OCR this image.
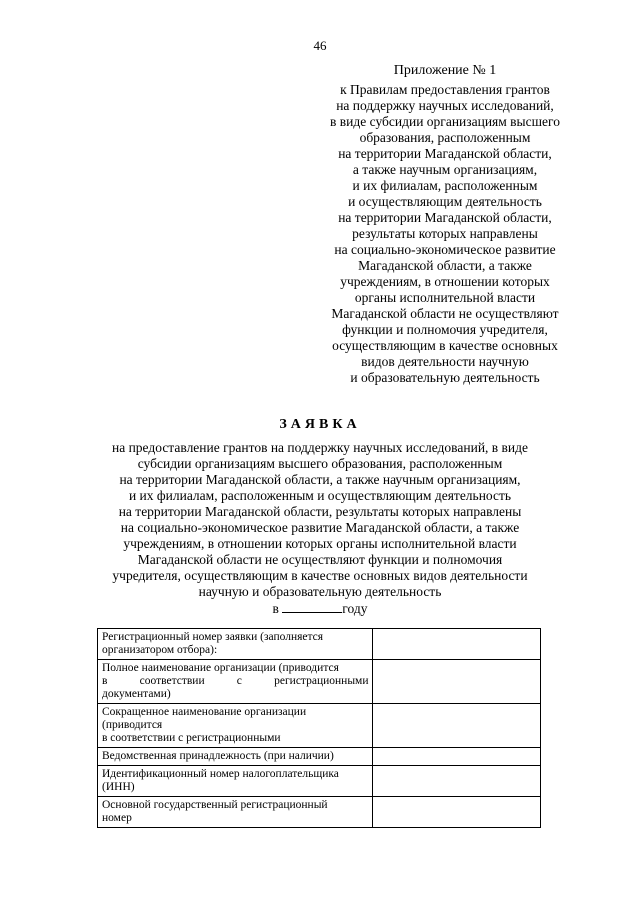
46
Приложение № 1
к Правилам предоставления грантов
на поддержку научных исследований,
в виде субсидии организациям высшего
образования, расположенным
на территории Магаданской области,
а также научным организациям,
и их филиалам, расположенным
и осуществляющим деятельность
на территории Магаданской области,
результаты которых направлены
на социально-экономическое развитие
Магаданской области, а также
учреждениям, в отношении которых
органы исполнительной власти
Магаданской области не осуществляют
функции и полномочия учредителя,
осуществляющим в качестве основных
видов деятельности научную
и образовательную деятельность
ЗАЯВКА
на предоставление грантов на поддержку научных исследований, в виде
субсидии организациям высшего образования, расположенным
на территории Магаданской области, а также научным организациям,
и их филиалам, расположенным и осуществляющим деятельность
на территории Магаданской области, результаты которых направлены
на социально-экономическое развитие Магаданской области, а также
учреждениям, в отношении которых органы исполнительной власти
Магаданской области не осуществляют функции и полномочия
учредителя, осуществляющим в качестве основных видов деятельности
научную и образовательную деятельность
в	году
Регистрационный номер заявки (заполняется
организатором отбора):	

Полное наименование организации (приводится
в соответствии с регистрационными
документами)	

Сокращенное наименование организации
(приводится
в соответствии с регистрационными	

Ведомственная принадлежность (при наличии)	

Идентификационный номер налогоплательщика
(ИНН)	

Основной государственный регистрационный
номер	
